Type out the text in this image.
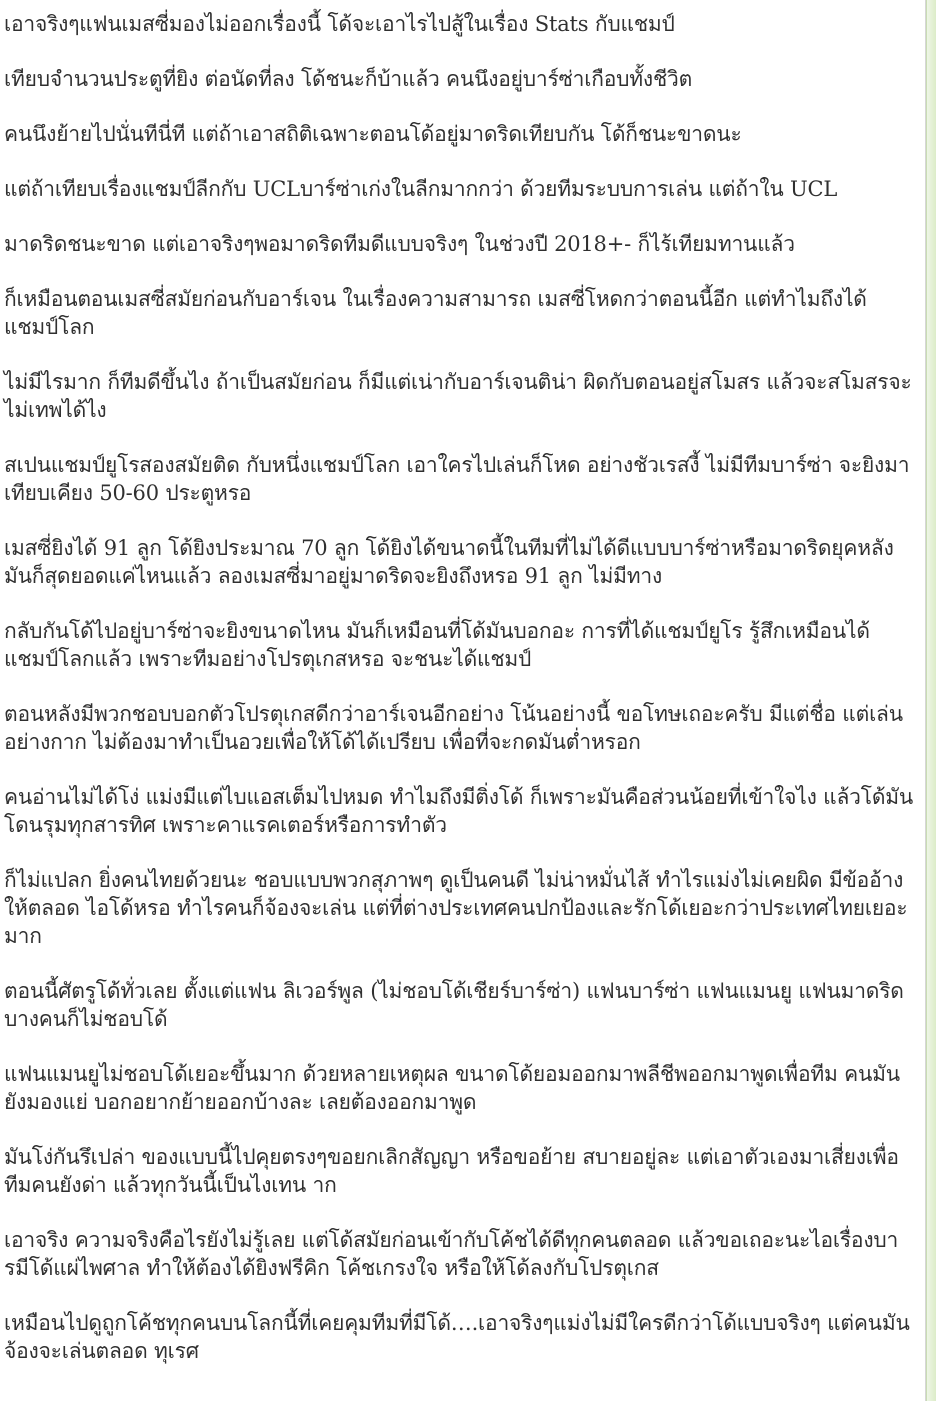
เอาจริงๆแฟนเมสซี่มองไม่ออกเรื่องนี้ โด้จะเอาไรไปสู้ในเรื่อง Stats กับแชมป์

เทียบจำนวนประตูที่ยิง ต่อนัดที่ลง โด้ชนะก็บ้าแล้ว คนนึงอยู่บาร์ซ่าเกือบทั้งชีวิต

คนนึงย้ายไปนั่นทีนี่ที แต่ถ้าเอาสถิติเฉพาะตอนโด้อยู่มาดริดเทียบกัน โด้ก็ชนะขาดนะ

แต่ถ้าเทียบเรื่องแชมป์ลีกกับ UCLบาร์ซ่าเก่งในลีกมากกว่า ด้วยทีมระบบการเล่น แต่ถ้าใน UCL

มาดริดชนะขาด แต่เอาจริงๆพอมาดริดทีมดีแบบจริงๆ ในช่วงปี 2018+- ก็ไร้เทียมทานแล้ว

ก็เหมือนตอนเมสซี่สมัยก่อนกับอาร์เจน ในเรื่องความสามารถ เมสซี่โหดกว่าตอนนี้อีก แต่ทำไมถึงได้แชมป์โลก

ไม่มีไรมาก ก็ทีมดีขึ้นไง ถ้าเป็นสมัยก่อน ก็มีแต่เน่ากับอาร์เจนติน่า ผิดกับตอนอยู่สโมสร แล้วจะสโมสรจะไม่เทพได้ไง

สเปนแชมป์ยูโรสองสมัยติด กับหนึ่งแชมป์โลก เอาใครไปเล่นก็โหด อย่างชัวเรสงี้ ไม่มีทีมบาร์ซ่า จะยิงมาเทียบเคียง 50-60 ประตูหรอ

เมสซี่ยิงได้ 91 ลูก โด้ยิงประมาณ 70 ลูก โด้ยิงได้ขนาดนี้ในทีมที่ไม่ได้ดีแบบบาร์ซ่าหรือมาดริดยุคหลัง มันก็สุดยอดแค่ไหนแล้ว ลองเมสซี่มาอยู่มาดริดจะยิงถึงหรอ 91 ลูก ไม่มีทาง

กลับกันโด้ไปอยู่บาร์ซ่าจะยิงขนาดไหน มันก็เหมือนที่โด้มันบอกอะ การที่ได้แชมป์ยูโร รู้สึกเหมือนได้แชมป์โลกแล้ว เพราะทีมอย่างโปรตุเกสหรอ จะชนะได้แชมป์

ตอนหลังมีพวกชอบบอกตัวโปรตุเกสดีกว่าอาร์เจนอีกอย่าง โน้นอย่างนี้ ขอโทษเถอะครับ มีแต่ชื่อ แต่เล่นอย่างกาก ไม่ต้องมาทำเป็นอวยเพื่อให้โด้ได้เปรียบ เพื่อที่จะกดมันต่ำหรอก

คนอ่านไม่ได้โง่ แม่งมีแต่ไบแอสเต็มไปหมด ทำไมถึงมีติ่งโด้ ก็เพราะมันคือส่วนน้อยที่เข้าใจไง แล้วโด้มันโดนรุมทุกสารทิศ เพราะคาแรคเตอร์หรือการทำตัว

ก็ไม่แปลก ยิ่งคนไทยด้วยนะ ชอบแบบพวกสุภาพๆ ดูเป็นคนดี ไม่น่าหมั่นไส้ ทำไรแม่งไม่เคยผิด มีข้ออ้างให้ตลอด ไอโด้หรอ ทำไรคนก็จ้องจะเล่น แต่ที่ต่างประเทศคนปกป้องและรักโด้เยอะกว่าประเทศไทยเยอะมาก

ตอนนี้ศัตรูโด้ทั่วเลย ตั้งแต่แฟน ลิเวอร์พูล (ไม่ชอบโด้เชียร์บาร์ซ่า) แฟนบาร์ซ่า แฟนแมนยู แฟนมาดริดบางคนก็ไม่ชอบโด้

แฟนแมนยูไม่ชอบโด้เยอะขึ้นมาก ด้วยหลายเหตุผล ขนาดโด้ยอมออกมาพลีชีพออกมาพูดเพื่อทีม คนมันยังมองแย่ บอกอยากย้ายออกบ้างละ เลยต้องออกมาพูด

มันโง่กันรึเปล่า ของแบบนี้ไปคุยตรงๆขอยกเลิกสัญญา หรือขอย้าย สบายอยู่ละ แต่เอาตัวเองมาเสี่ยงเพื่อทีมคนยังด่า แล้วทุกวันนี้เป็นไงเทน าก

เอาจริง ความจริงคือไรยังไม่รู้เลย แต่โด้สมัยก่อนเข้ากับโค้ชได้ดีทุกคนตลอด แล้วขอเถอะนะไอเรื่องบารมีโด้แผ่ไพศาล ทำให้ต้องได้ยิงฟรีคิก โค้ชเกรงใจ หรือให้โด้ลงกับโปรตุเกส

เหมือนไปดูถูกโค้ชทุกคนบนโลกนี้ที่เคยคุมทีมที่มีโด้….เอาจริงๆแม่งไม่มีใครดีกว่าโด้แบบจริงๆ แต่คนมันจ้องจะเล่นตลอด ทุเรศ
